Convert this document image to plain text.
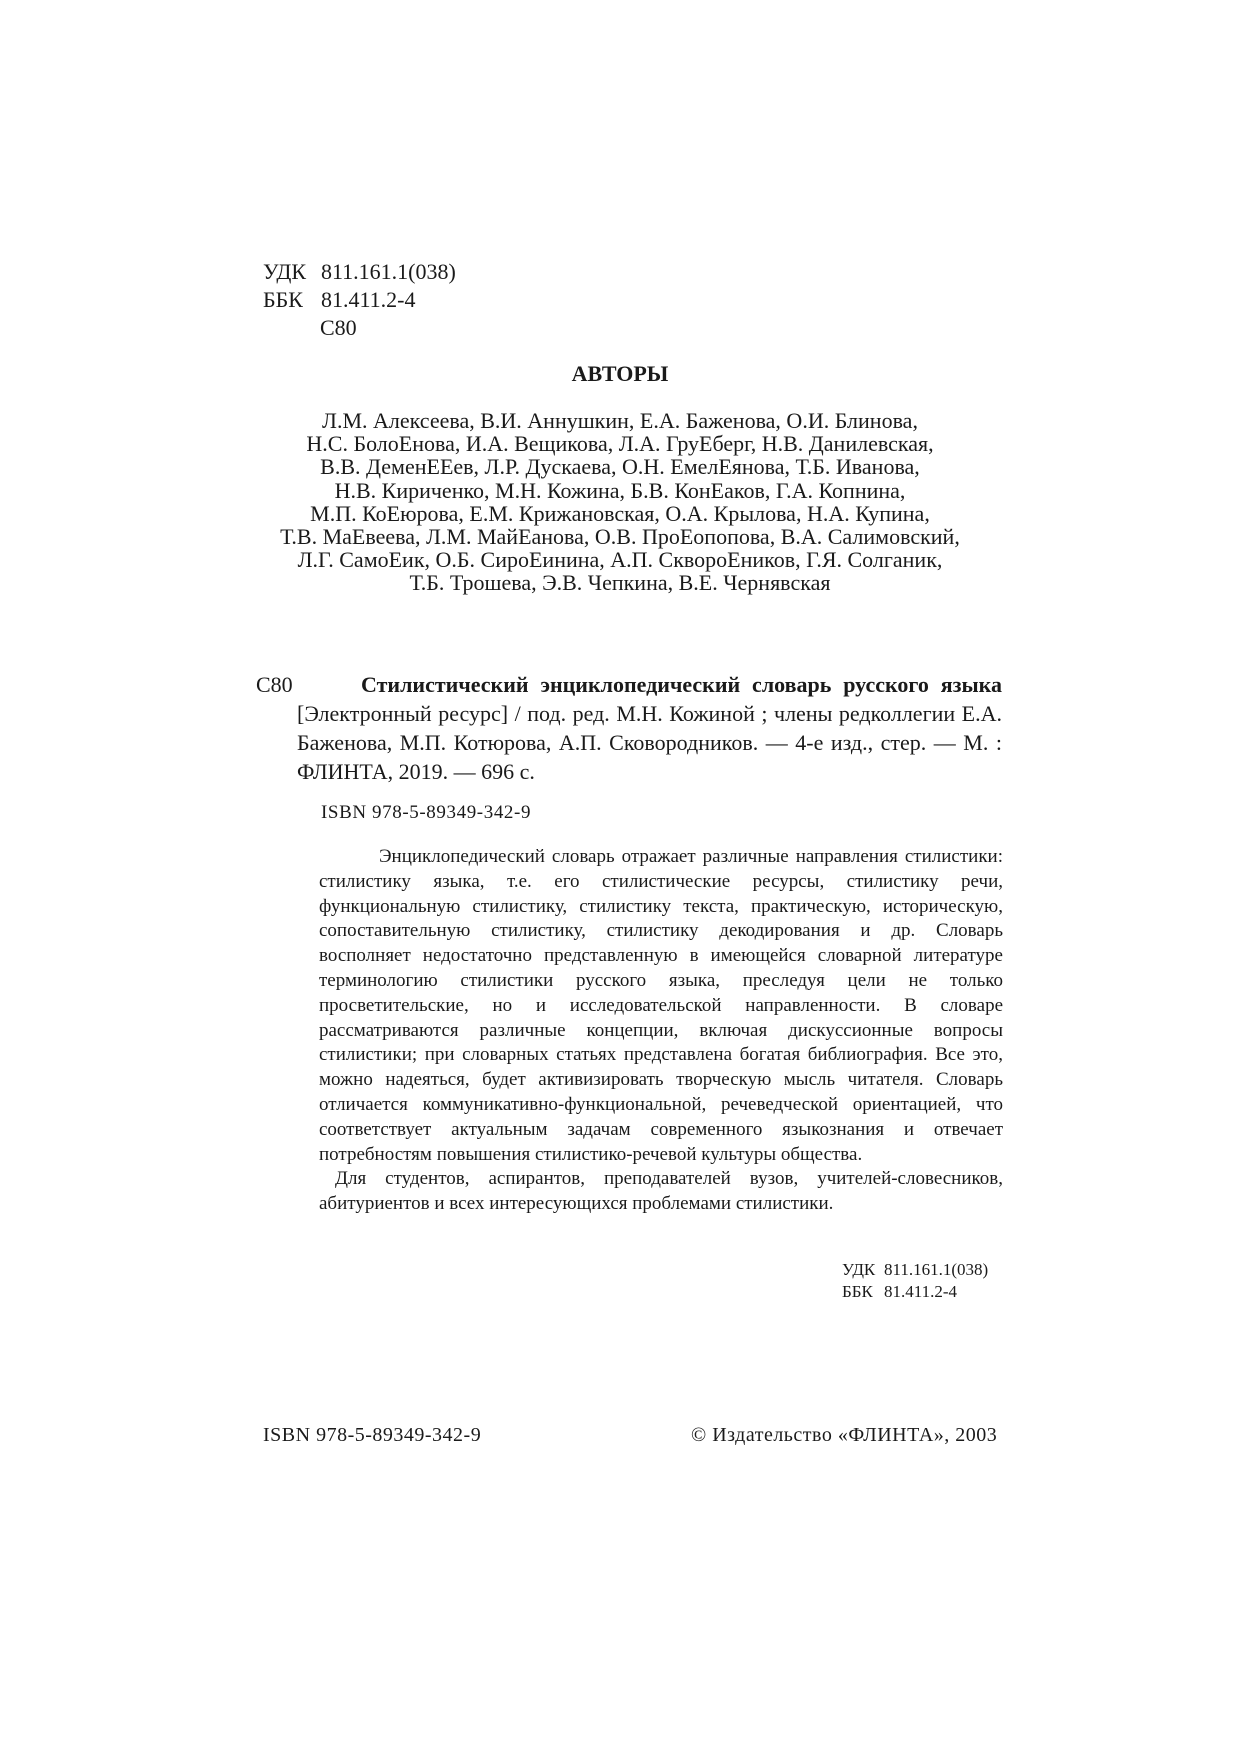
УДК 811.161.1(038)
ББК 81.411.2-4
С80
АВТОРЫ
Л.М. Алексеева, В.И. Аннушкин, Е.А. Баженова, О.И. Блинова,
Н.С. БолоЕнова, И.А. Вещикова, Л.А. ГруЕберг, Н.В. Данилевская,
В.В. ДеменЕЕев, Л.Р. Дускаева, О.Н. ЕмелЕянова, Т.Б. Иванова,
Н.В. Кириченко, М.Н. Кожина, Б.В. КонЕаков, Г.А. Копнина,
М.П. КоЕюрова, Е.М. Крижановская, О.А. Крылова, Н.А. Купина,
Т.В. МаЕвеева, Л.М. МайЕанова, О.В. ПроЕопопова, В.А. Салимовский,
Л.Г. СамоЕик, О.Б. СироЕинина, А.П. СквороЕников, Г.Я. Солганик,
Т.Б. Трошева, Э.В. Чепкина, В.Е. Чернявская
С80	Стилистический энциклопедический словарь русского языка [Электронный ресурс] / под. ред. М.Н. Кожиной ; члены редколлегии Е.А. Баженова, М.П. Котюрова, А.П. Сковородников. — 4-е изд., стер. — М. : ФЛИНТА, 2019. — 696 с.
ISBN 978-5-89349-342-9

Энциклопедический словарь отражает различные направления стилистики: стилистику языка, т.е. его стилистические ресурсы, стилистику речи, функциональную стилистику, стилистику текста, практическую, историческую, сопоставительную стилистику, стилистику декодирования и др. Словарь восполняет недостаточно представленную в имеющейся словарной литературе терминологию стилистики русского языка, преследуя цели не только просветительские, но и исследовательской направленности. В словаре рассматриваются различные концепции, включая дискуссионные вопросы стилистики; при словарных статьях представлена богатая библиография. Все это, можно надеяться, будет активизировать творческую мысль читателя. Словарь отличается коммуникативно-функциональной, речеведческой ориентацией, что соответствует актуальным задачам современного языкознания и отвечает потребностям повышения стилистико-речевой культуры общества.

Для студентов, аспирантов, преподавателей вузов, учителей-словесников, абитуриентов и всех интересующихся проблемами стилистики.

УДК 811.161.1(038)
ББК 81.411.2-4
ISBN 978-5-89349-342-9	© Издательство «ФЛИНТА», 2003
